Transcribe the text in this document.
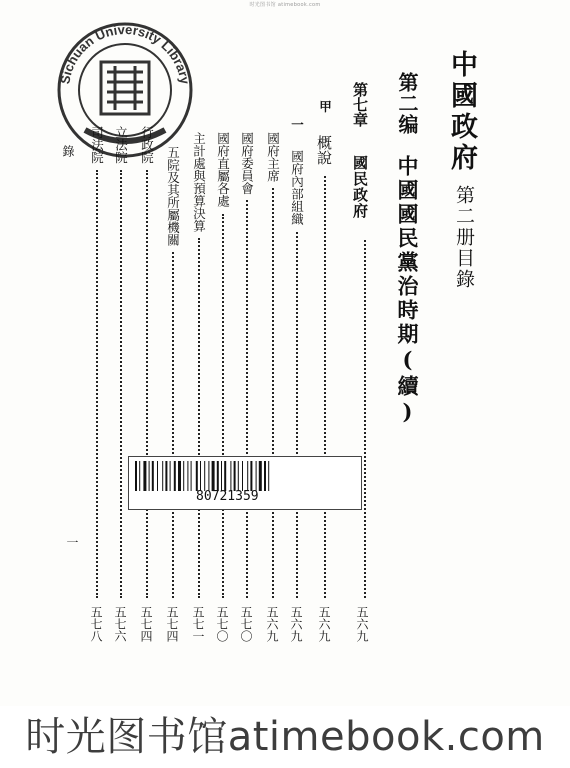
时光图书馆 atimebook.com
Sichuan University Library	中國政府
第二册目錄
第二编
中國國民黨治時期(續)
第七章
國民政府
五六九
甲
概說
五六九
一
國府內部組織
五六九
國府主席
五六九
國府委員會
五七〇
國府直屬各處
五七〇
主計處與預算決算
五七一
五院及其所屬機關
五七四
行政院
五七四
立法院
五七六
司法院
五七八
錄
一
80721359
时光图书馆atimebook.com
